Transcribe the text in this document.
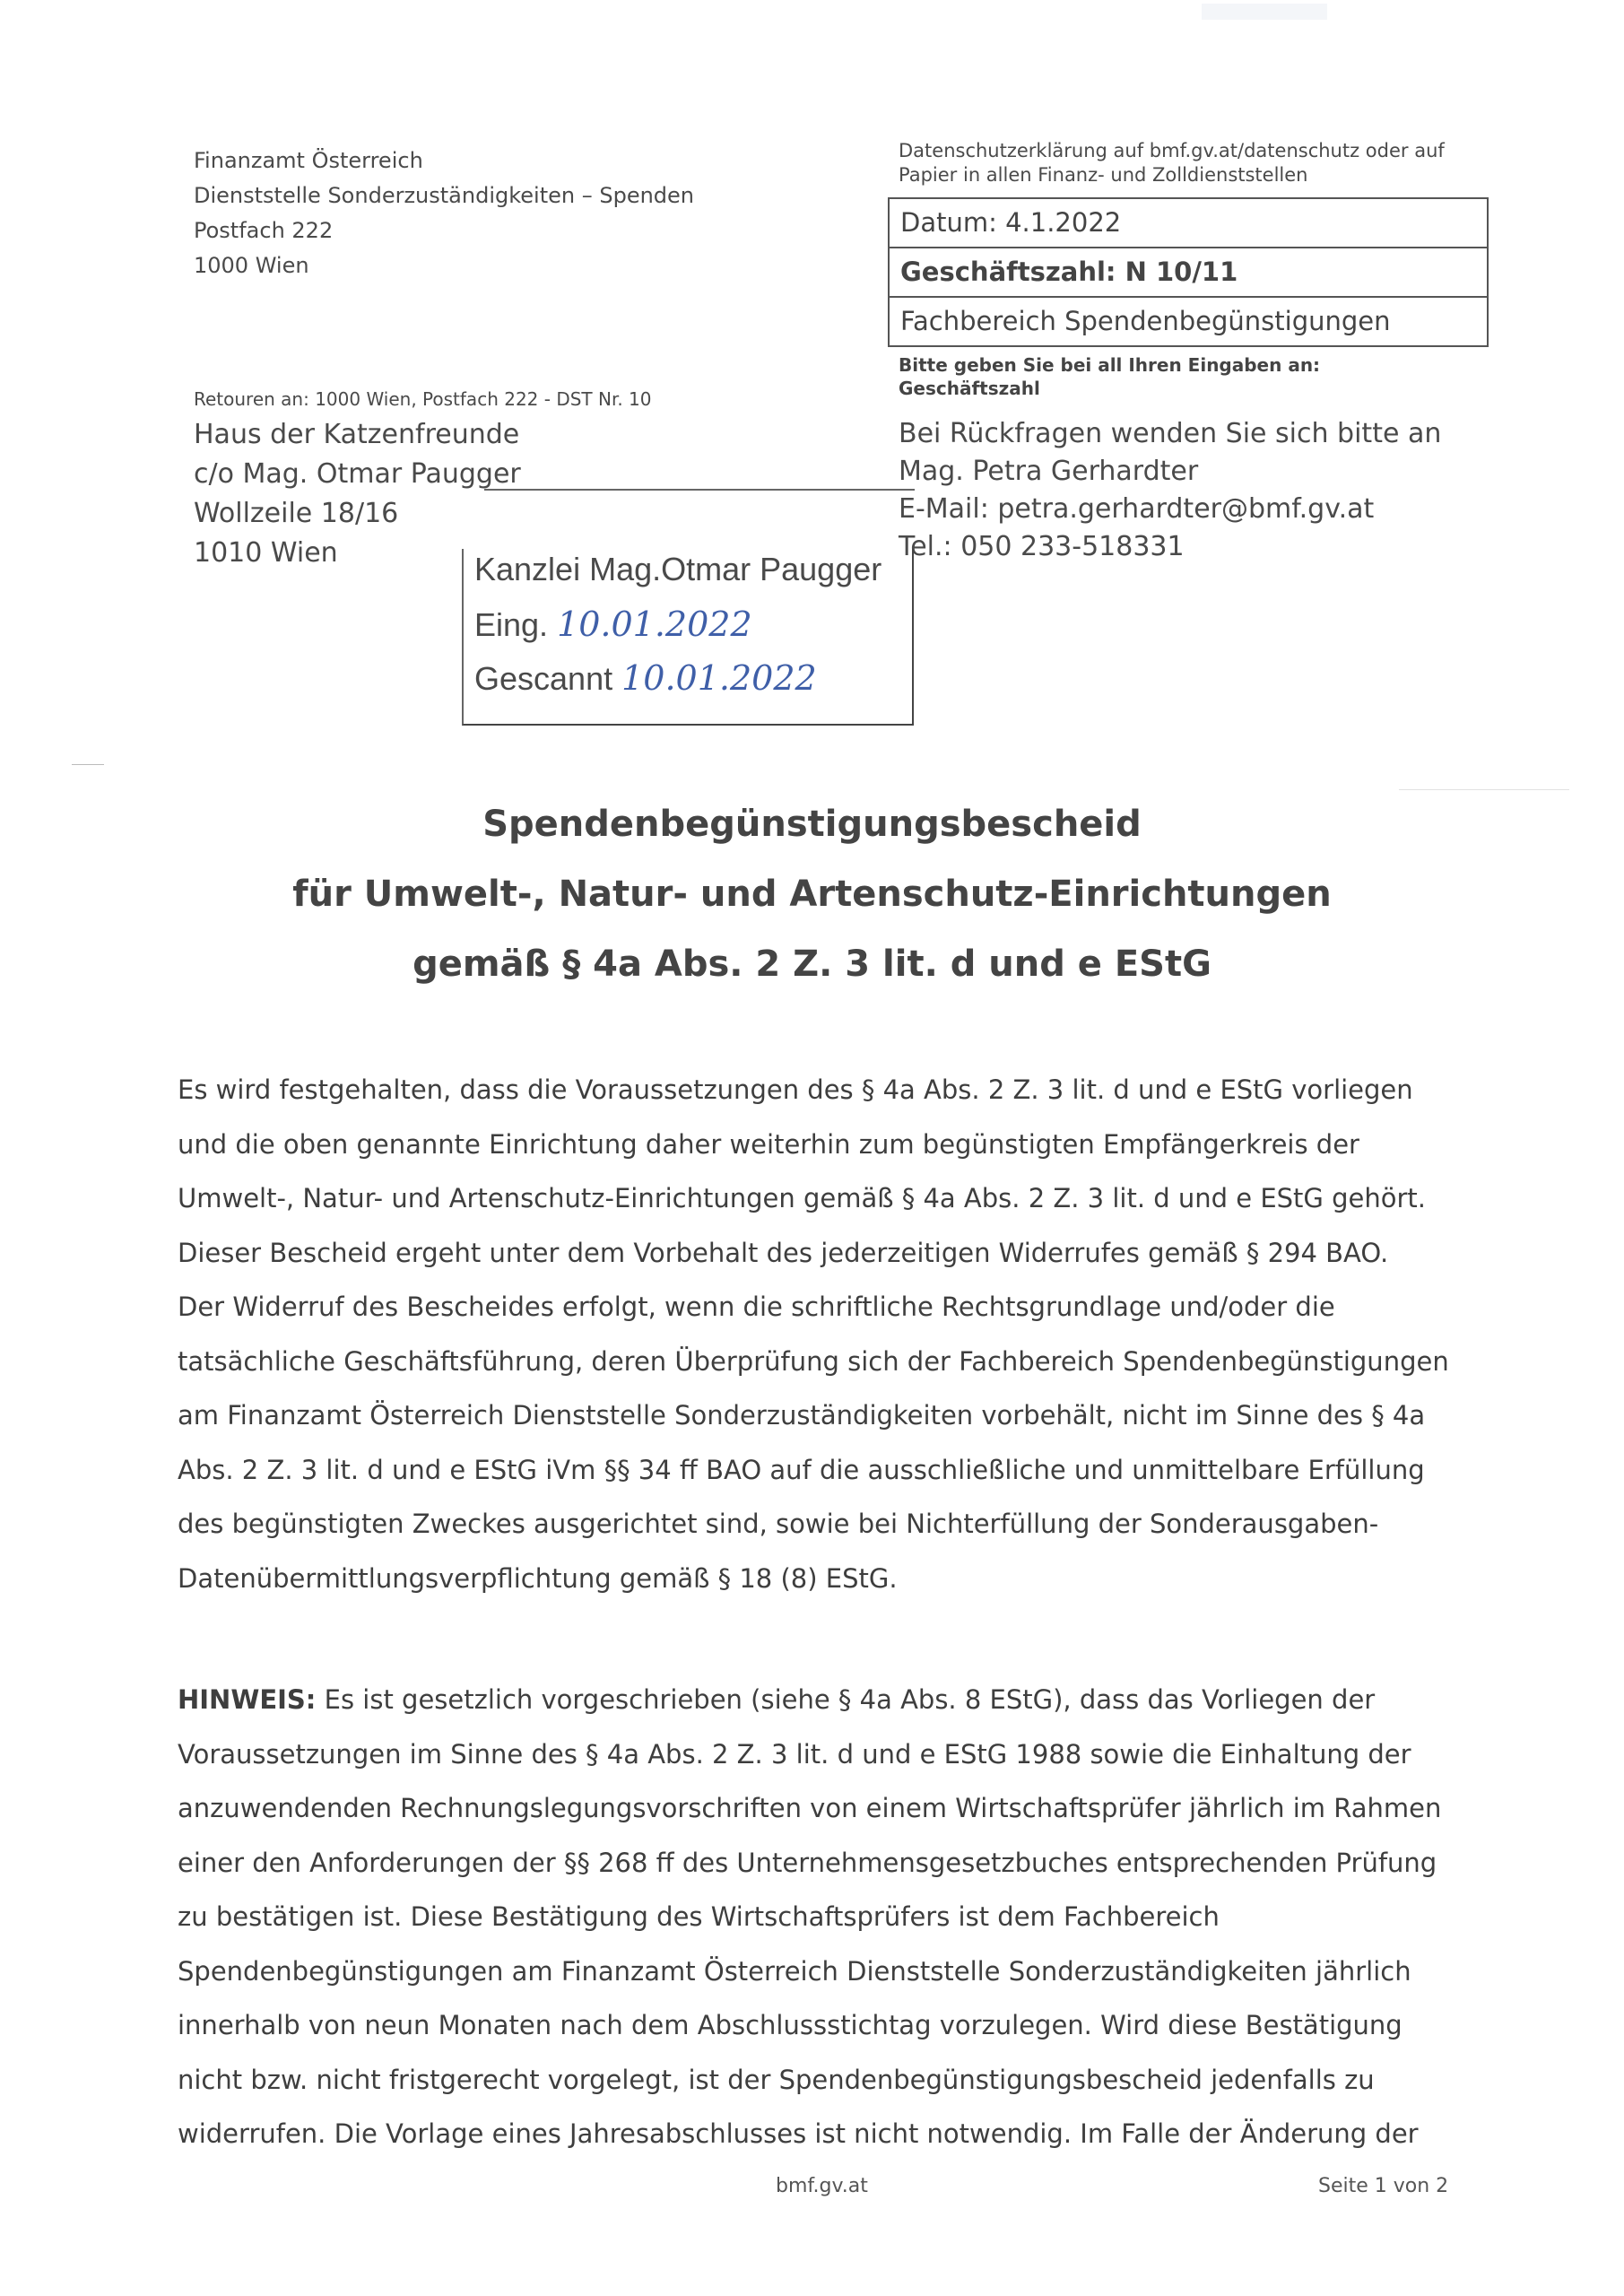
Finanzamt Österreich
Dienststelle Sonderzuständigkeiten – Spenden
Postfach 222
1000 Wien
Datenschutzerklärung auf bmf.gv.at/datenschutz oder auf Papier in allen Finanz- und Zolldienststellen
Datum: 4.1.2022
Geschäftszahl: N 10/11
Fachbereich Spendenbegünstigungen
Bitte geben Sie bei all Ihren Eingaben an:
Geschäftszahl
Retouren an: 1000 Wien, Postfach 222 - DST Nr. 10
Haus der Katzenfreunde
c/o Mag. Otmar Paugger
Wollzeile 18/16
1010 Wien
Bei Rückfragen wenden Sie sich bitte an
Mag. Petra Gerhardter
E-Mail: petra.gerhardter@bmf.gv.at
Tel.: 050 233-518331
Kanzlei Mag.Otmar Paugger
Eing. 10.01.2022
Gescannt 10.01.2022
Spendenbegünstigungsbescheid
für Umwelt-, Natur- und Artenschutz-Einrichtungen
gemäß § 4a Abs. 2 Z. 3 lit. d und e EStG
Es wird festgehalten, dass die Voraussetzungen des § 4a Abs. 2 Z. 3 lit. d und e EStG vorliegen
und die oben genannte Einrichtung daher weiterhin zum begünstigten Empfängerkreis der
Umwelt-, Natur- und Artenschutz-Einrichtungen gemäß § 4a Abs. 2 Z. 3 lit. d und e EStG gehört.
Dieser Bescheid ergeht unter dem Vorbehalt des jederzeitigen Widerrufes gemäß § 294 BAO.
Der Widerruf des Bescheides erfolgt, wenn die schriftliche Rechtsgrundlage und/oder die
tatsächliche Geschäftsführung, deren Überprüfung sich der Fachbereich Spendenbegünstigungen
am Finanzamt Österreich Dienststelle Sonderzuständigkeiten vorbehält, nicht im Sinne des § 4a
Abs. 2 Z. 3 lit. d und e EStG iVm §§ 34 ff BAO auf die ausschließliche und unmittelbare Erfüllung
des begünstigten Zweckes ausgerichtet sind, sowie bei Nichterfüllung der Sonderausgaben-
Datenübermittlungsverpflichtung gemäß § 18 (8) EStG.
HINWEIS: Es ist gesetzlich vorgeschrieben (siehe § 4a Abs. 8 EStG), dass das Vorliegen der
Voraussetzungen im Sinne des § 4a Abs. 2 Z. 3 lit. d und e EStG 1988 sowie die Einhaltung der
anzuwendenden Rechnungslegungsvorschriften von einem Wirtschaftsprüfer jährlich im Rahmen
einer den Anforderungen der §§ 268 ff des Unternehmensgesetzbuches entsprechenden Prüfung
zu bestätigen ist. Diese Bestätigung des Wirtschaftsprüfers ist dem Fachbereich
Spendenbegünstigungen am Finanzamt Österreich Dienststelle Sonderzuständigkeiten jährlich
innerhalb von neun Monaten nach dem Abschlussstichtag vorzulegen. Wird diese Bestätigung
nicht bzw. nicht fristgerecht vorgelegt, ist der Spendenbegünstigungsbescheid jedenfalls zu
widerrufen. Die Vorlage eines Jahresabschlusses ist nicht notwendig. Im Falle der Änderung der
bmf.gv.at	Seite 1 von 2
